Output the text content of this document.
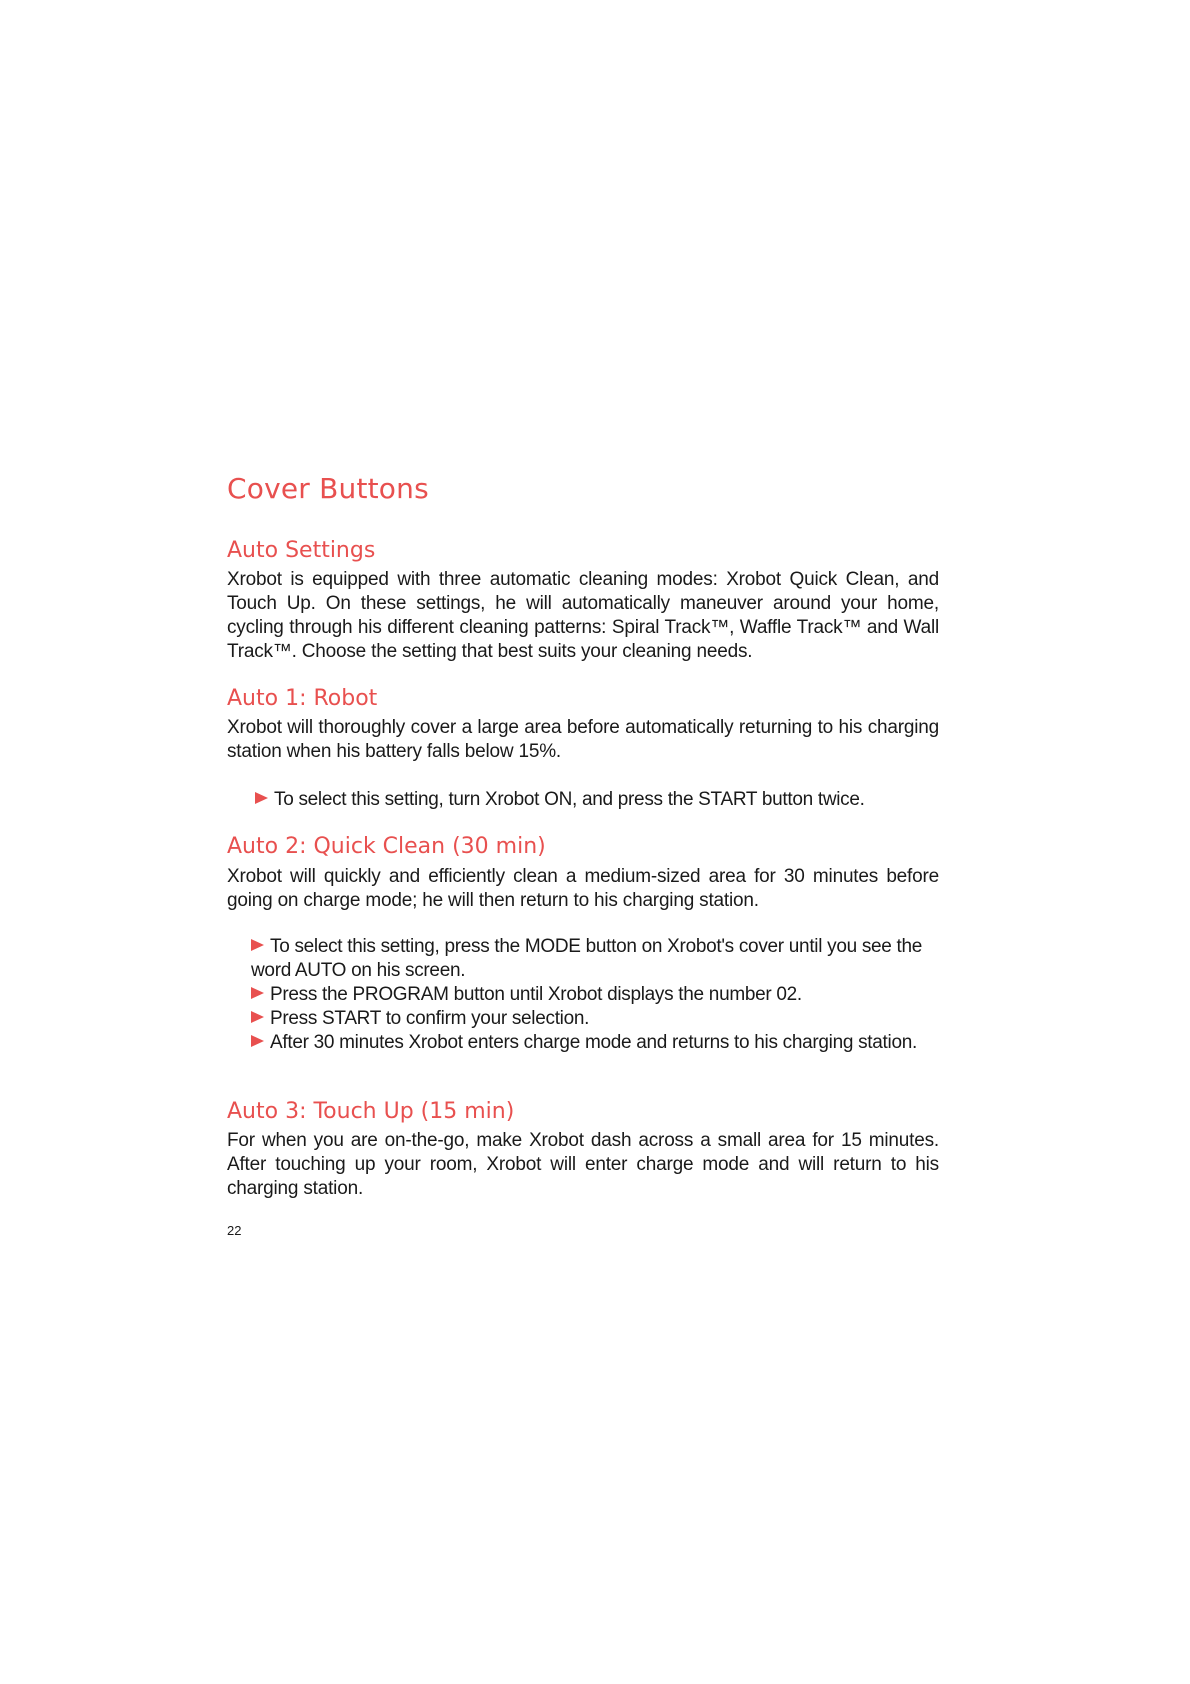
Cover Buttons
Auto Settings

Xrobot is equipped with three automatic cleaning modes: Xrobot Quick Clean, and Touch Up. On these settings, he will automatically maneuver around your home, cycling through his different cleaning patterns: Spiral Track™, Waffle Track™ and Wall Track™. Choose the setting that best suits your cleaning needs.

Auto 1: Robot

Xrobot will thoroughly cover a large area before automatically returning to his charging station when his battery falls below 15%.

To select this setting, turn Xrobot ON, and press the START button twice.
Auto 2: Quick Clean (30 min)

Xrobot will quickly and efficiently clean a medium-sized area for 30 minutes before going on charge mode; he will then return to his charging station.

To select this setting, press the MODE button on Xrobot's cover until you see the word AUTO on his screen.
Press the PROGRAM button until Xrobot displays the number 02.
Press START to confirm your selection.
After 30 minutes Xrobot enters charge mode and returns to his charging station.
Auto 3: Touch Up (15 min)

For when you are on-the-go, make Xrobot dash across a small area for 15 minutes. After touching up your room, Xrobot will enter charge mode and will return to his charging station.

22
